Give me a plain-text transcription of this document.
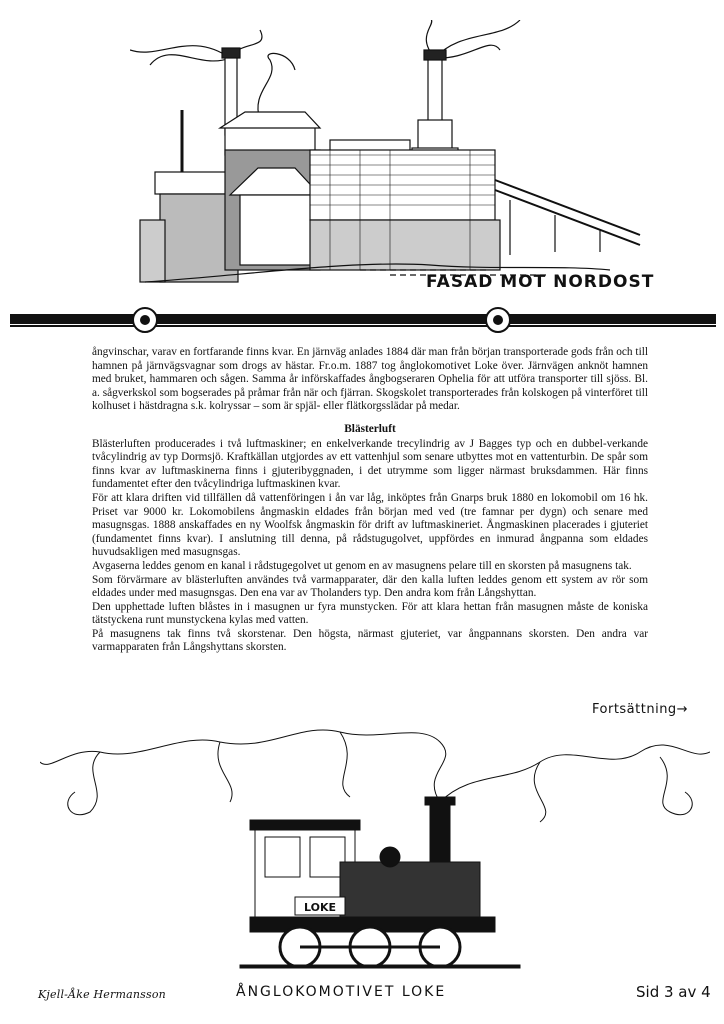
FASAD MOT NORDOST

ångvinschar, varav en fortfarande finns kvar. En järnväg anlades 1884 där man från början transporterade gods från och till hamnen på järnvägsvagnar som drogs av hästar. Fr.o.m. 1887 tog ånglokomotivet Loke över. Järnvägen anknöt hamnen med bruket, hammaren och sågen. Samma år införskaffades ångbogseraren Ophelia för att utföra transporter till sjöss. Bl. a. sågverkskol som bogserades på pråmar från när och fjärran. Skogskolet transporterades från kolskogen på vinterföret till kolhuset i hästdragna s.k. kolryssar – som är spjäl- eller flätkorgsslädar på medar.

Blästerluft

Blästerluften producerades i två luftmaskiner; en enkelverkande trecylindrig av J Bagges typ och en dubbel-verkande tvåcylindrig av typ Dormsjö. Kraftkällan utgjordes av ett vattenhjul som senare utbyttes mot en vattenturbin. De spår som finns kvar av luftmaskinerna finns i gjuteribyggnaden, i det utrymme som ligger närmast bruksdammen. Här finns fundamentet efter den tvåcylindriga luftmaskinen kvar.

För att klara driften vid tillfällen då vattenföringen i ån var låg, inköptes från Gnarps bruk 1880 en lokomobil om 16 hk. Priset var 9000 kr. Lokomobilens ångmaskin eldades från början med ved (tre famnar per dygn) och senare med masugnsgas. 1888 anskaffades en ny Woolfsk ångmaskin för drift av luftmaskineriet. Ångmaskinen placerades i gjuteriet (fundamentet finns kvar). I anslutning till denna, på rådstugugolvet, uppfördes en inmurad ångpanna som eldades huvudsakligen med masugnsgas.

Avgaserna leddes genom en kanal i rådstugegolvet ut genom en av masugnens pelare till en skorsten på masugnens tak.

Som förvärmare av blästerluften användes två varmapparater, där den kalla luften leddes genom ett system av rör som eldades under med masugnsgas. Den ena var av Tholanders typ. Den andra kom från Långshyttan.

Den upphettade luften blåstes in i masugnen ur fyra munstycken. För att klara hettan från masugnen måste de koniska tätstyckena runt munstyckena kylas med vatten.

På masugnens tak finns två skorstenar. Den högsta, närmast gjuteriet, var ångpannans skorsten. Den andra var varmapparaten från Långshyttans skorsten.

Fortsättning→
LOKE
ÅNGLOKOMOTIVET LOKE
Kjell-Åke Hermansson	Sid 3 av 4
